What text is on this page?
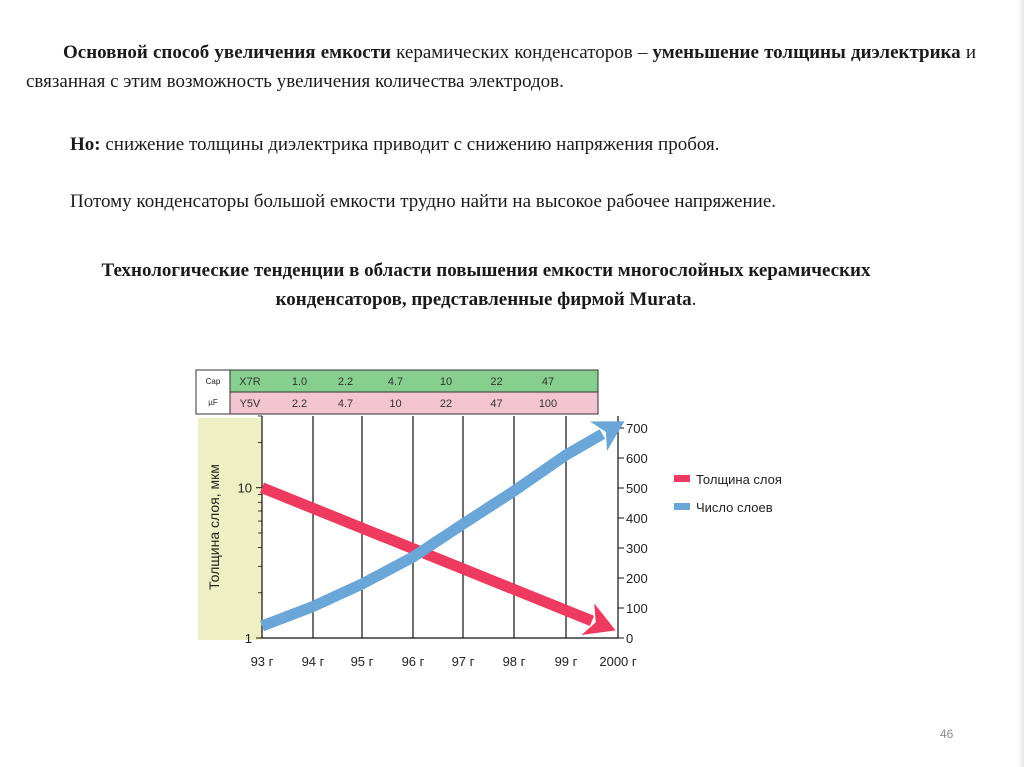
Основной способ увеличения емкости керамических конденсаторов – уменьшение толщины диэлектрика и связанная с этим возможность увеличения количества электродов.
Но: снижение толщины диэлектрика приводит с снижению напряжения пробоя.
Потому конденсаторы большой емкости трудно найти на высокое рабочее напряжение.
Технологические тенденции в области повышения емкости многослойных керамических конденсаторов, представленные фирмой Murata.
Cap
µF
X7R	1.0	2.2	4.7	10	22	47
Y5V	2.2	4.7	10	22	47	100
Толщина слоя, мкм 10
1
700
600
500
400
300
200
100
0
93 г 94 г 95 г 96 г 97 г 98 г 99 г 2000 г
Толщина слоя
Число слоев
46
